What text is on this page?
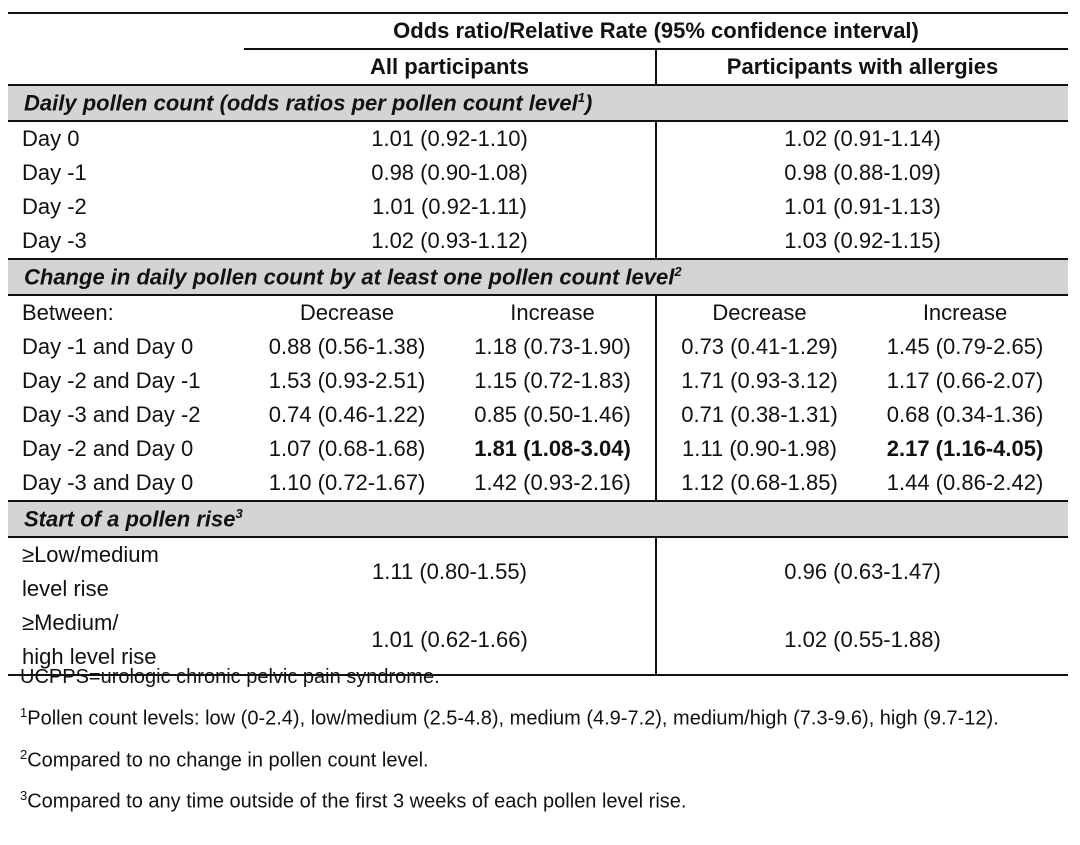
	Odds ratio/Relative Rate (95% confidence interval)			
	All participants		Participants with allergies	
Daily pollen count (odds ratios per pollen count level$^1$)				
Day 0	1.01 (0.92-1.10)		1.02 (0.91-1.14)	
Day -1	0.98 (0.90-1.08)		0.98 (0.88-1.09)	
Day -2	1.01 (0.92-1.11)		1.01 (0.91-1.13)	
Day -3	1.02 (0.93-1.12)		1.03 (0.92-1.15)	
Change in daily pollen count by at least one pollen count level$^2$
Between:	Decrease	Increase	Decrease	Increase
Day -1 and Day 0	0.88 (0.56-1.38)	1.18 (0.73-1.90)	0.73 (0.41-1.29)	1.45 (0.79-2.65)
Day -2 and Day -1	1.53 (0.93-2.51)	1.15 (0.72-1.83)	1.71 (0.93-3.12)	1.17 (0.66-2.07)
Day -3 and Day -2	0.74 (0.46-1.22)	0.85 (0.50-1.46)	0.71 (0.38-1.31)	0.68 (0.34-1.36)
Day -2 and Day 0	1.07 (0.68-1.68)	1.81 (1.08-3.04)	1.11 (0.90-1.98)	2.17 (1.16-4.05)
Day -3 and Day 0	1.10 (0.72-1.67)	1.42 (0.93-2.16)	1.12 (0.68-1.85)	1.44 (0.86-2.42)
Start of a pollen rise$^3$
≥Low/medium
level rise	1.11 (0.80-1.55)		0.96 (0.63-1.47)	
≥Medium/
high level rise	1.01 (0.62-1.66)		1.02 (0.55-1.88)	

UCPPS=urologic chronic pelvic pain syndrome.

$^1$Pollen count levels: low (0-2.4), low/medium (2.5-4.8), medium (4.9-7.2), medium/high (7.3-9.6), high (9.7-12).

$^2$Compared to no change in pollen count level.

$^3$Compared to any time outside of the first 3 weeks of each pollen level rise.
